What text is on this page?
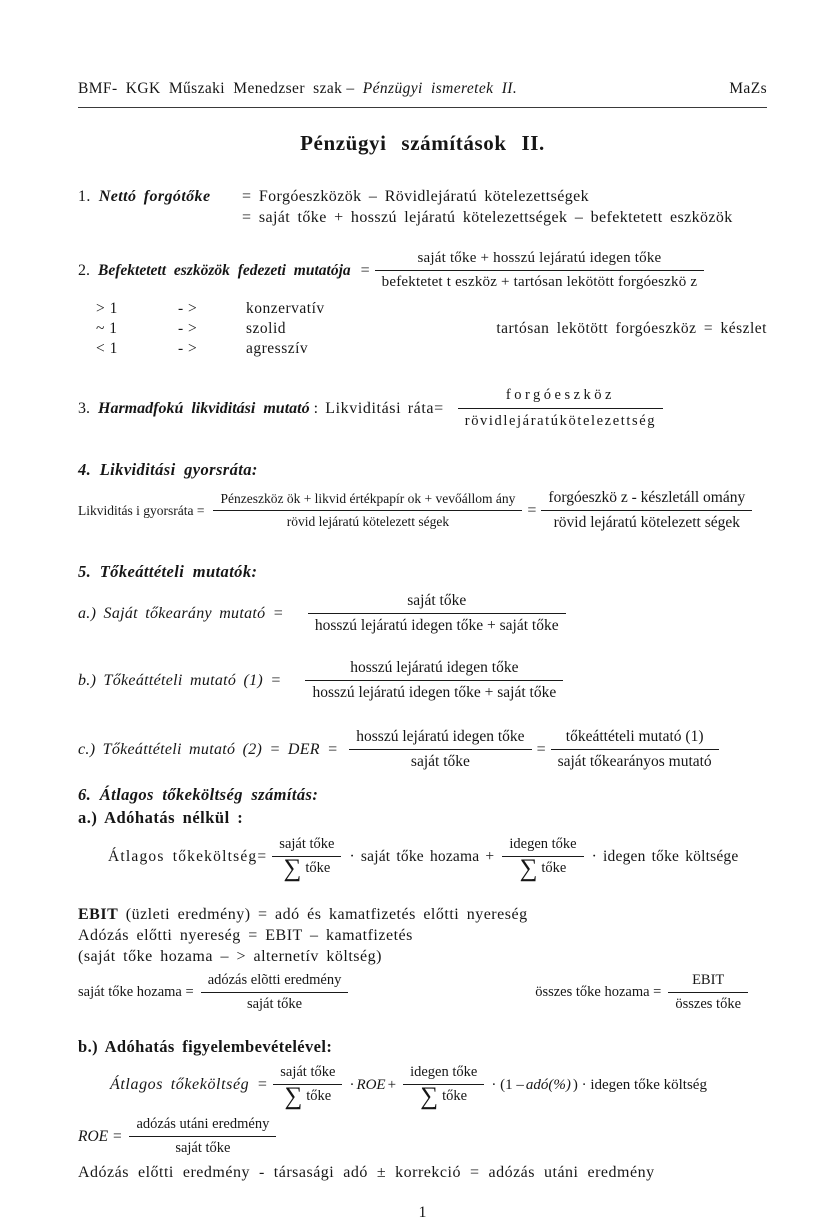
BMF- KGK Műszaki Menedzser szak – Pénzügyi ismeretek II.	MaZs
Pénzügyi számítások II.
1. Nettó forgótőke = Forgóeszközök – Rövidlejáratú kötelezettségek
= saját tőke + hosszú lejáratú kötelezettségek – befektetett eszközök
2. Befektetett eszközök fedezeti mutatója = $\frac{\text{saját tőke + hosszú lejáratú idegen tőke}}{\text{befektetet t eszköz + tartósan lekötött forgóeszkö z}}$
> 1	- >	konzervatív
~ 1	- >	szolid	tartósan lekötött forgóeszköz = készlet
< 1	- >	agresszív
3. Harmadfokú likviditási mutató : Likviditási ráta= $\frac{\text{forgóeszköz}}{\text{rövidlejáratúkötelezettség}}$
4. Likviditási gyorsráta:
Likviditás i gyorsráta = $\frac{\text{Pénzeszköz ök + likvid értékpapír ok + vevőállom ány}}{\text{rövid lejáratú kötelezett ségek}} = \frac{\text{forgóeszkö z - készletáll omány}}{\text{rövid lejáratú kötelezett ségek}}$
5. Tőkeáttételi mutatók:
a.) Saját tőkearány mutató = $\frac{\text{saját tőke}}{\text{hosszú lejáratú idegen tőke + saját tőke}}$
b.) Tőkeáttételi mutató $(1) = \frac{\text{hosszú lejáratú idegen tőke}}{\text{hosszú lejáratú idegen tőke + saját tőke}}$
c.) Tőkeáttételi mutató (2) = DER = $\frac{\text{hosszú lejáratú idegen tőke}}{\text{saját tőke}} = \frac{\text{tőkeáttételi mutató (1)}}{\text{saját tőkearányos mutató}}$
6. Átlagos tőkeköltség számítás:
a.) Adóhatás nélkül :
Átlagos tőkeköltség= $\frac{\text{saját tőke}}{\text{∑ tőke}}$ · saját tőke hozama + $\frac{\text{idegen tőke}}{\text{∑ tőke}}$ · idegen tőke költsége
EBIT (üzleti eredmény) = adó és kamatfizetés előtti nyereség
Adózás előtti nyereség = EBIT – kamatfizetés
(saját tőke hozama – > alternetív költség)
saját tőke hozama = $\frac{\text{adózás elõtti eredmény}}{\text{saját tőke}}$	összes tőke hozama = $\frac{\text{EBIT}}{\text{összes tőke}}$
b.) Adóhatás figyelembevételével:
Átlagos tőkeköltség = $\frac{\text{saját tőke}}{\text{∑ tőke}}$ · ROE + $\frac{\text{idegen tőke}}{\text{∑ tőke}} \cdot (1$ – adó(%) ) · idegen tőke költség
ROE = $\frac{\text{adózás utáni eredmény}}{\text{saját tőke}}$
Adózás előtti eredmény - társasági adó ± korrekció = adózás utáni eredmény
1
